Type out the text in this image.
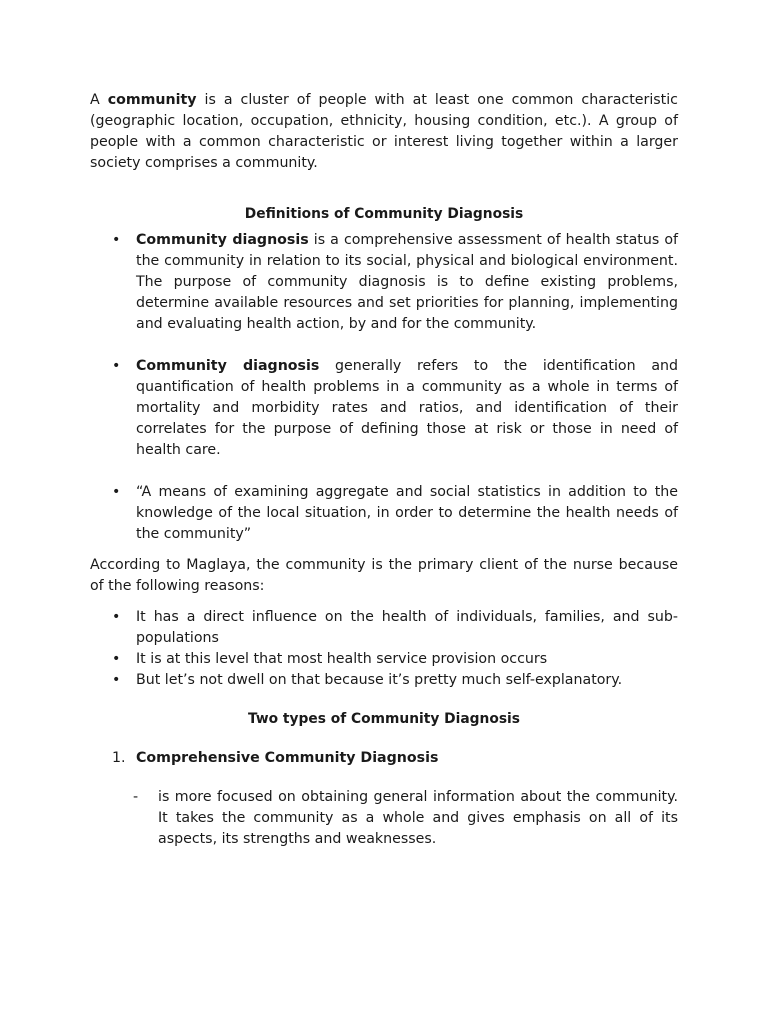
A community is a cluster of people with at least one common characteristic (geographic location, occupation, ethnicity, housing condition, etc.). A group of people with a common characteristic or interest living together within a larger society comprises a community.

Definitions of Community Diagnosis

• Community diagnosis is a comprehensive assessment of health status of the community in relation to its social, physical and biological environment. The purpose of community diagnosis is to define existing problems, determine available resources and set priorities for planning, implementing and evaluating health action, by and for the community.
• Community diagnosis generally refers to the identification and quantification of health problems in a community as a whole in terms of mortality and morbidity rates and ratios, and identification of their correlates for the purpose of defining those at risk or those in need of health care.
• “A means of examining aggregate and social statistics in addition to the knowledge of the local situation, in order to determine the health needs of the community”

According to Maglaya, the community is the primary client of the nurse because of the following reasons:

• It has a direct influence on the health of individuals, families, and sub-populations
• It is at this level that most health service provision occurs
• But let’s not dwell on that because it’s pretty much self-explanatory.

Two types of Community Diagnosis

1. Comprehensive Community Diagnosis
- is more focused on obtaining general information about the community. It takes the community as a whole and gives emphasis on all of its aspects, its strengths and weaknesses.
